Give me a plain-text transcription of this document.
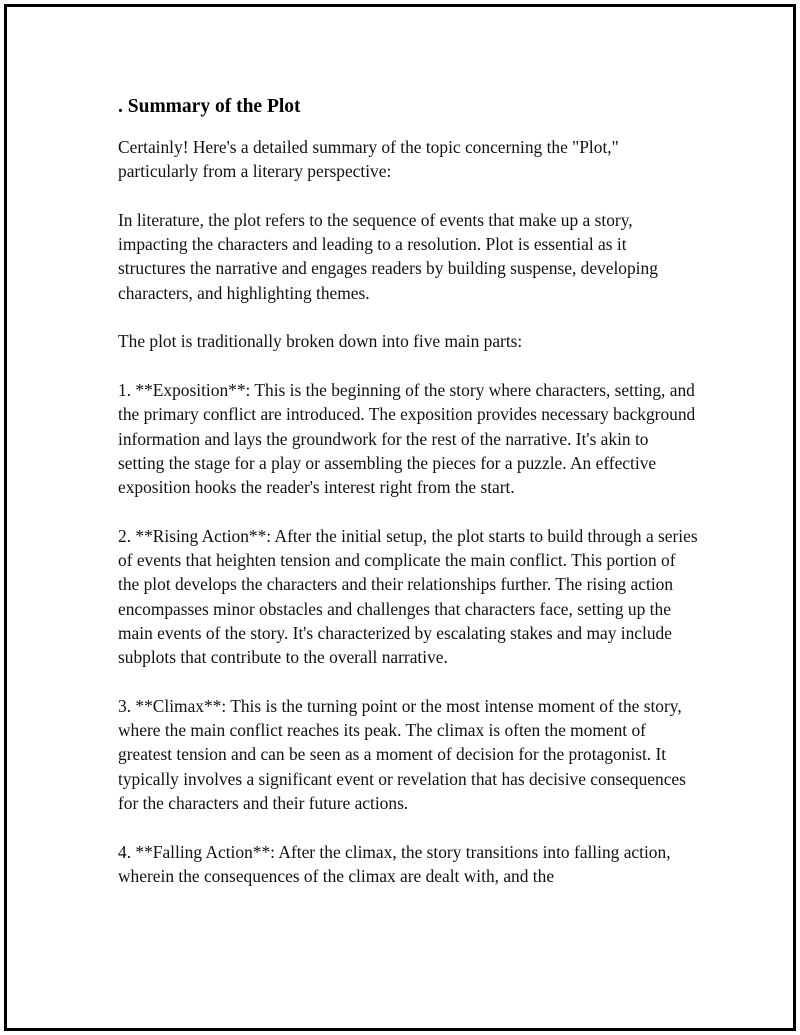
. Summary of the Plot

Certainly! Here's a detailed summary of the topic concerning the "Plot," particularly from a literary perspective:

In literature, the plot refers to the sequence of events that make up a story, impacting the characters and leading to a resolution. Plot is essential as it structures the narrative and engages readers by building suspense, developing characters, and highlighting themes.

The plot is traditionally broken down into five main parts:

1. **Exposition**: This is the beginning of the story where characters, setting, and the primary conflict are introduced. The exposition provides necessary background information and lays the groundwork for the rest of the narrative. It's akin to setting the stage for a play or assembling the pieces for a puzzle. An effective exposition hooks the reader's interest right from the start.

2. **Rising Action**: After the initial setup, the plot starts to build through a series of events that heighten tension and complicate the main conflict. This portion of the plot develops the characters and their relationships further. The rising action encompasses minor obstacles and challenges that characters face, setting up the main events of the story. It's characterized by escalating stakes and may include subplots that contribute to the overall narrative.

3. **Climax**: This is the turning point or the most intense moment of the story, where the main conflict reaches its peak. The climax is often the moment of greatest tension and can be seen as a moment of decision for the protagonist. It typically involves a significant event or revelation that has decisive consequences for the characters and their future actions.

4. **Falling Action**: After the climax, the story transitions into falling action, wherein the consequences of the climax are dealt with, and the
